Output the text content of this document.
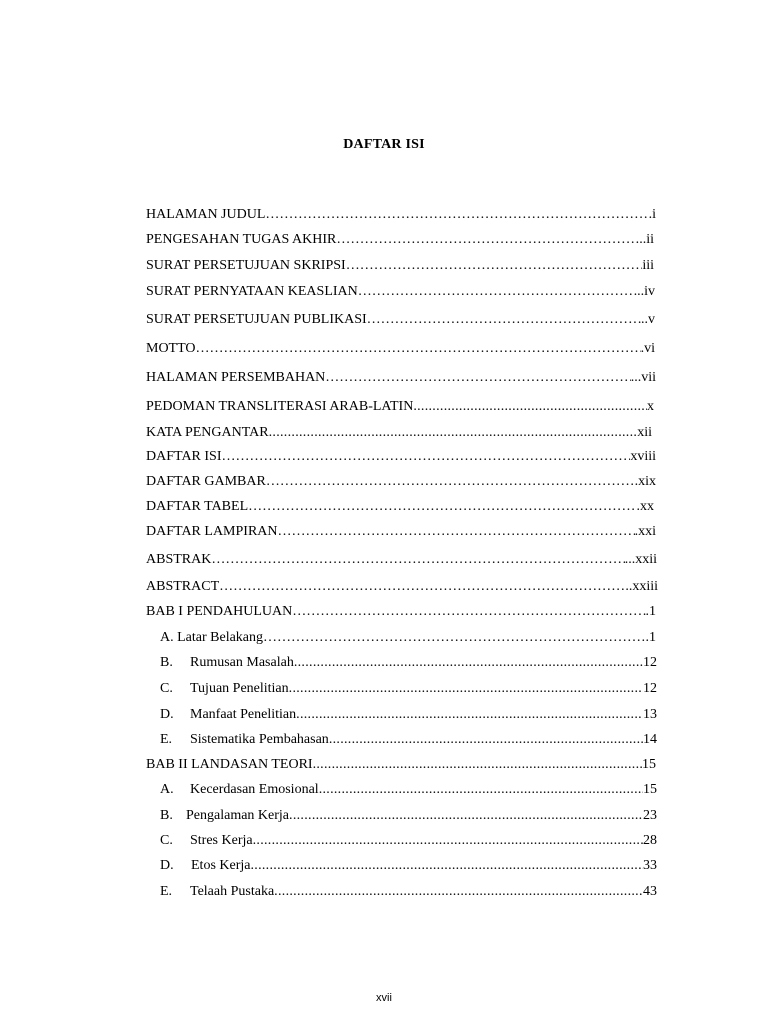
DAFTAR ISI
HALAMAN JUDUL …………………………………………………………………………………………………………………………………………………………………………………………………………	i
PENGESAHAN TUGAS AKHIR …………………………………………………………………………………………………………………………………………………………………………………………………………	..ii
SURAT PERSETUJUAN SKRIPSI …………………………………………………………………………………………………………………………………………………………………………………………………………	iii
SURAT PERNYATAAN KEASLIAN …………………………………………………………………………………………………………………………………………………………………………………………………………	..iv
SURAT PERSETUJUAN PUBLIKASI …………………………………………………………………………………………………………………………………………………………………………………………………………	..v
MOTTO …………………………………………………………………………………………………………………………………………………………………………………………………………	.vi
HALAMAN PERSEMBAHAN …………………………………………………………………………………………………………………………………………………………………………………………………………	...vii
PEDOMAN TRANSLITERASI ARAB-LATIN .....	x
KATA PENGANTAR .....	xii
DAFTAR ISI …………………………………………………………………………………………………………………………………………………………………………………………………………	xviii
DAFTAR GAMBAR …………………………………………………………………………………………………………………………………………………………………………………………………………	.xix
DAFTAR TABEL …………………………………………………………………………………………………………………………………………………………………………………………………………	.xx
DAFTAR LAMPIRAN …………………………………………………………………………………………………………………………………………………………………………………………………………	.xxi
ABSTRAK …………………………………………………………………………………………………………………………………………………………………………………………………………	...xxii
ABSTRACT …………………………………………………………………………………………………………………………………………………………………………………………………………	..xxiii
BAB I PENDAHULUAN …………………………………………………………………………………………………………………………………………………………………………………………………………	.1
A. Latar Belakang …………………………………………………………………………………………………………………………………………………………………………………………………………	.1
B.	Rumusan Masalah .....	12
C.	Tujuan Penelitian .....	12
D.	Manfaat Penelitian .....	13
E.	Sistematika Pembahasan .....	14
BAB II LANDASAN TEORI .....	15
A.	Kecerdasan Emosional .....	15
B. Pengalaman Kerja .....	23
C.	Stres Kerja .....	28
D.	Etos Kerja .....	33
E.	Telaah Pustaka .....	43
xvii
